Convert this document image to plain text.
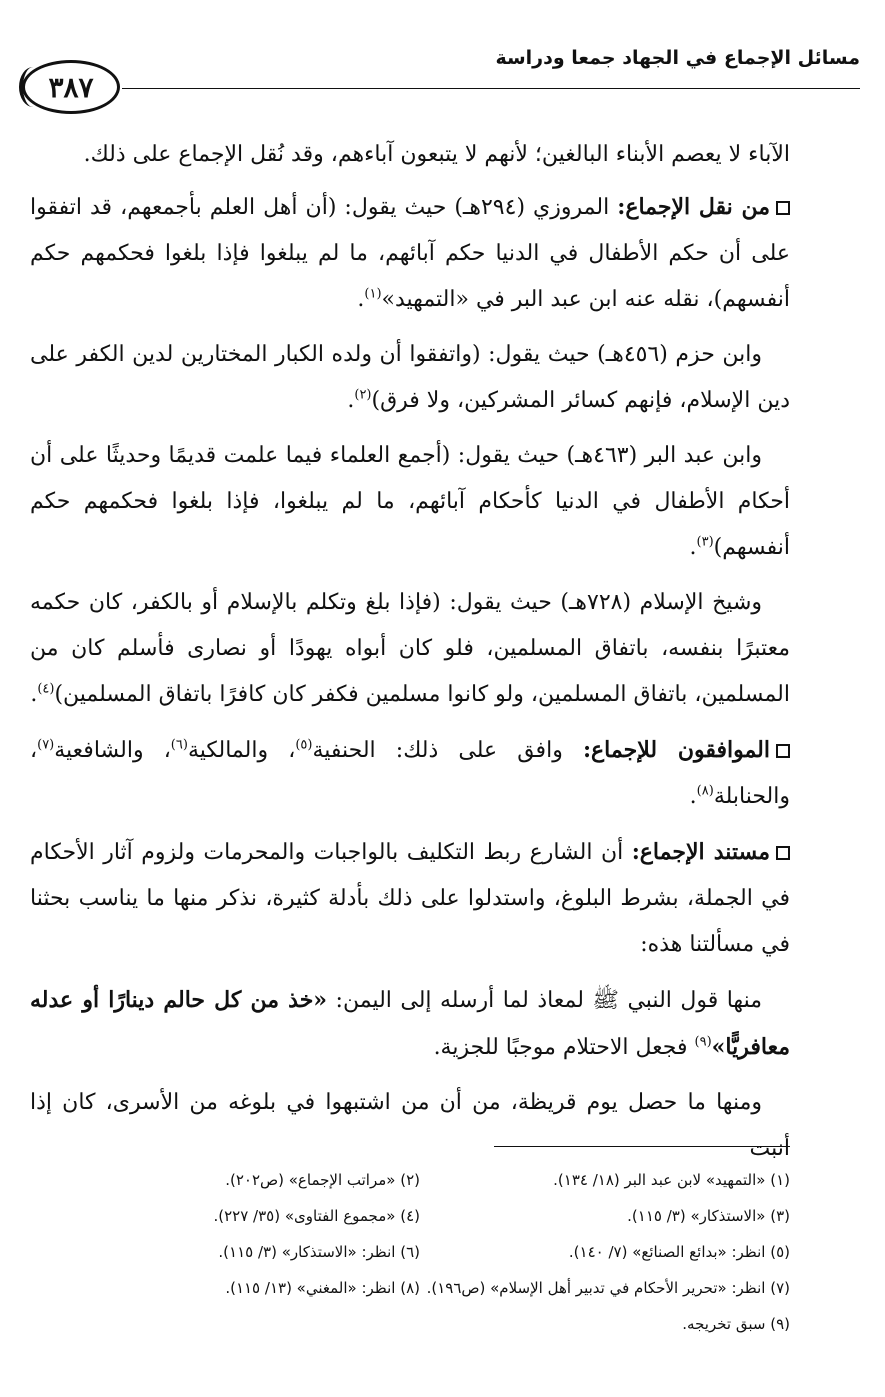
مسائل الإجماع في الجهاد جمعا ودراسة
٣٨٧

الآباء لا يعصم الأبناء البالغين؛ لأنهم لا يتبعون آباءهم، وقد نُقل الإجماع على ذلك.

من نقل الإجماع: المروزي (٢٩٤هـ) حيث يقول: (أن أهل العلم بأجمعهم، قد اتفقوا على أن حكم الأطفال في الدنيا حكم آبائهم، ما لم يبلغوا فإذا بلغوا فحكمهم حكم أنفسهم)، نقله عنه ابن عبد البر في «التمهيد»$^{(١)}$.

وابن حزم (٤٥٦هـ) حيث يقول: (واتفقوا أن ولده الكبار المختارين لدين الكفر على دين الإسلام، فإنهم كسائر المشركين، ولا فرق)$^{(٢)}$.

وابن عبد البر (٤٦٣هـ) حيث يقول: (أجمع العلماء فيما علمت قديمًا وحديثًا على أن أحكام الأطفال في الدنيا كأحكام آبائهم، ما لم يبلغوا، فإذا بلغوا فحكمهم حكم أنفسهم)$^{(٣)}$.

وشيخ الإسلام (٧٢٨هـ) حيث يقول: (فإذا بلغ وتكلم بالإسلام أو بالكفر، كان حكمه معتبرًا بنفسه، باتفاق المسلمين، فلو كان أبواه يهودًا أو نصارى فأسلم كان من المسلمين، باتفاق المسلمين، ولو كانوا مسلمين فكفر كان كافرًا باتفاق المسلمين)$^{(٤)}$.

الموافقون للإجماع: وافق على ذلك: الحنفية$^{(٥)}$، والمالكية$^{(٦)}$، والشافعية$^{(٧)}$، والحنابلة$^{(٨)}$.

مستند الإجماع: أن الشارع ربط التكليف بالواجبات والمحرمات ولزوم آثار الأحكام في الجملة، بشرط البلوغ، واستدلوا على ذلك بأدلة كثيرة، نذكر منها ما يناسب بحثنا في مسألتنا هذه:

منها قول النبي ﷺ لمعاذ لما أرسله إلى اليمن: «خذ من كل حالم دينارًا أو عدله معافريًّا»$^{(٩)}$ فجعل الاحتلام موجبًا للجزية.

ومنها ما حصل يوم قريظة، من أن من اشتبهوا في بلوغه من الأسرى، كان إذا أنبت

(١) «التمهيد» لابن عبد البر (١٨/ ١٣٤).
(٢) «مراتب الإجماع» (ص٢٠٢).
(٣) «الاستذكار» (٣/ ١١٥).
(٤) «مجموع الفتاوى» (٣٥/ ٢٢٧).
(٥) انظر: «بدائع الصنائع» (٧/ ١٤٠).
(٦) انظر: «الاستذكار» (٣/ ١١٥).
(٧) انظر: «تحرير الأحكام في تدبير أهل الإسلام» (ص١٩٦).
(٨) انظر: «المغني» (١٣/ ١١٥).
(٩) سبق تخريجه.
